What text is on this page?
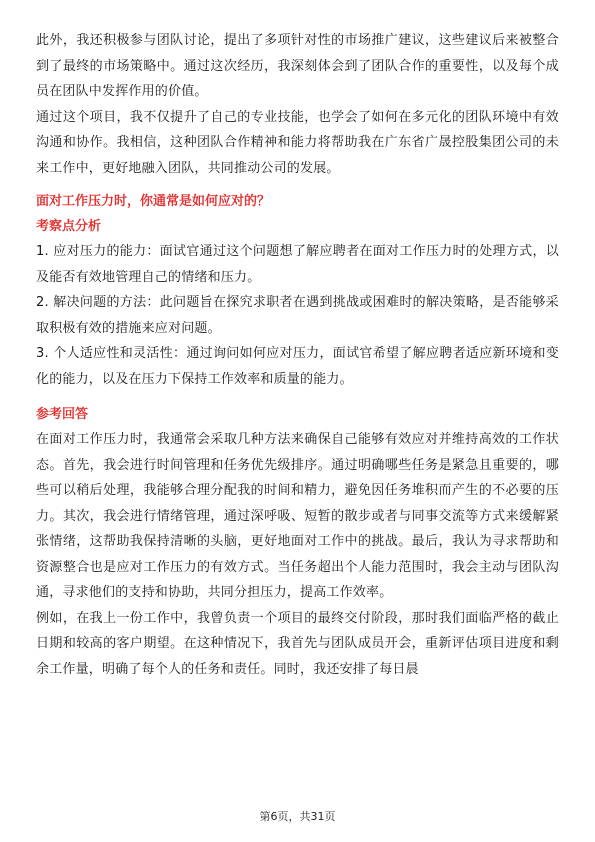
此外，我还积极参与团队讨论，提出了多项针对性的市场推广建议，这些建议后来被整合到了最终的市场策略中。通过这次经历，我深刻体会到了团队合作的重要性，以及每个成员在团队中发挥作用的价值。

通过这个项目，我不仅提升了自己的专业技能，也学会了如何在多元化的团队环境中有效沟通和协作。我相信，这种团队合作精神和能力将帮助我在广东省广晟控股集团公司的未来工作中，更好地融入团队，共同推动公司的发展。

面对工作压力时，你通常是如何应对的？
考察点分析

1. 应对压力的能力：面试官通过这个问题想了解应聘者在面对工作压力时的处理方式，以及能否有效地管理自己的情绪和压力。

2. 解决问题的方法：此问题旨在探究求职者在遇到挑战或困难时的解决策略，是否能够采取积极有效的措施来应对问题。

3. 个人适应性和灵活性：通过询问如何应对压力，面试官希望了解应聘者适应新环境和变化的能力，以及在压力下保持工作效率和质量的能力。

参考回答

在面对工作压力时，我通常会采取几种方法来确保自己能够有效应对并维持高效的工作状态。首先，我会进行时间管理和任务优先级排序。通过明确哪些任务是紧急且重要的，哪些可以稍后处理，我能够合理分配我的时间和精力，避免因任务堆积而产生的不必要的压力。其次，我会进行情绪管理，通过深呼吸、短暂的散步或者与同事交流等方式来缓解紧张情绪，这帮助我保持清晰的头脑，更好地面对工作中的挑战。最后，我认为寻求帮助和资源整合也是应对工作压力的有效方式。当任务超出个人能力范围时，我会主动与团队沟通，寻求他们的支持和协助，共同分担压力，提高工作效率。

例如，在我上一份工作中，我曾负责一个项目的最终交付阶段，那时我们面临严格的截止日期和较高的客户期望。在这种情况下，我首先与团队成员开会，重新评估项目进度和剩余工作量，明确了每个人的任务和责任。同时，我还安排了每日晨

第6页，共31页
